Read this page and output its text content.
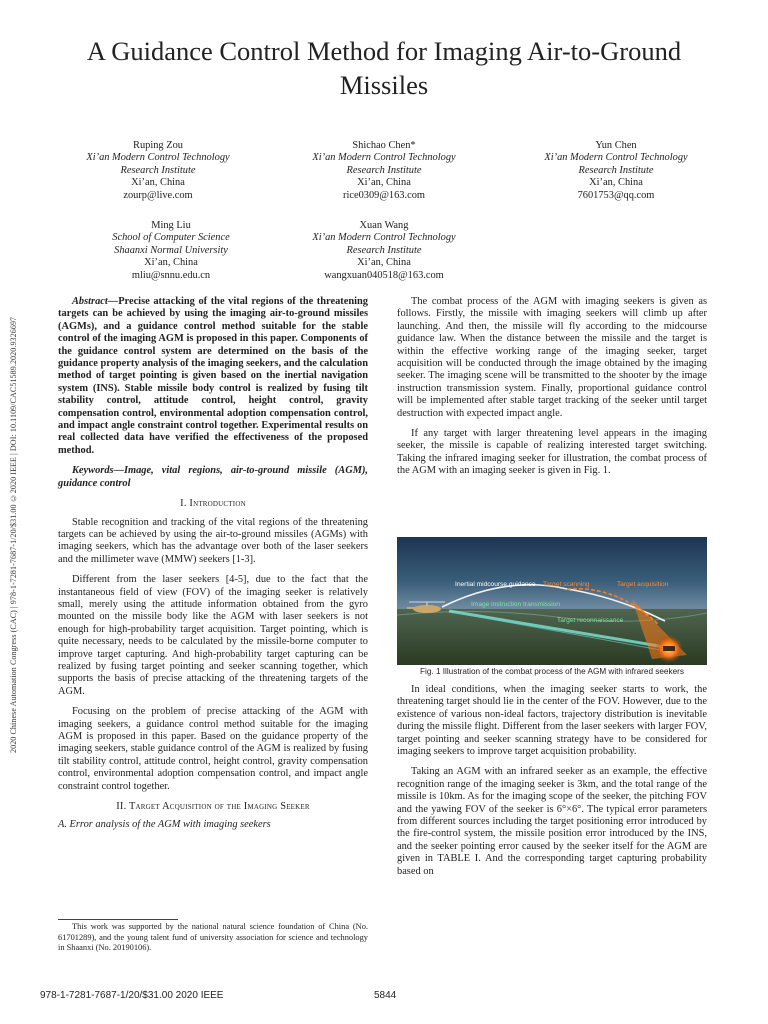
A Guidance Control Method for Imaging Air-to-Ground Missiles
2020 Chinese Automation Congress (CAC) | 978-1-7281-7687-1/20/$31.00 ©2020 IEEE | DOI: 10.1109/CAC51589.2020.9326697
Ruping Zou
Xi’an Modern Control Technology
Research Institute
Xi’an, China
zourp@live.com
Shichao Chen*
Xi’an Modern Control Technology
Research Institute
Xi’an, China
rice0309@163.com
Yun Chen
Xi’an Modern Control Technology
Research Institute
Xi’an, China
7601753@qq.com
Ming Liu
School of Computer Science
Shaanxi Normal University
Xi’an, China
mliu@snnu.edu.cn
Xuan Wang
Xi’an Modern Control Technology
Research Institute
Xi’an, China
wangxuan040518@163.com

Abstract—Precise attacking of the vital regions of the threatening targets can be achieved by using the imaging air-to-ground missiles (AGMs), and a guidance control method suitable for the stable control of the imaging AGM is proposed in this paper. Components of the guidance control system are determined on the basis of the guidance property analysis of the imaging seekers, and the calculation method of target pointing is given based on the inertial navigation system (INS). Stable missile body control is realized by fusing tilt stability control, attitude control, height control, gravity compensation control, environmental adoption compensation control, and impact angle constraint control together. Experimental results on real collected data have verified the effectiveness of the proposed method.

Keywords—Image, vital regions, air-to-ground missile (AGM), guidance control

I. Introduction

Stable recognition and tracking of the vital regions of the threatening targets can be achieved by using the air-to-ground missiles (AGMs) with imaging seekers, which has the advantage over both of the laser seekers and the millimeter wave (MMW) seekers [1-3].

Different from the laser seekers [4-5], due to the fact that the instantaneous field of view (FOV) of the imaging seeker is relatively small, merely using the attitude information obtained from the gyro mounted on the missile body like the AGM with laser seekers is not enough for high-probability target acquisition. Target pointing, which is quite necessary, needs to be calculated by the missile-borne computer to improve target capturing. And high-probability target capturing can be realized by fusing target pointing and seeker scanning together, which supports the basis of precise attacking of the threatening targets of the AGM.

Focusing on the problem of precise attacking of the AGM with imaging seekers, a guidance control method suitable for the imaging AGM is proposed in this paper. Based on the guidance property of the imaging seekers, stable guidance control of the AGM is realized by fusing tilt stability control, attitude control, height control, gravity compensation control, environmental adoption compensation control, and impact angle constraint control together.

II. Target Acquisition of the Imaging Seeker

A. Error analysis of the AGM with imaging seekers

This work was supported by the national natural science foundation of China (No. 61701289), and the young talent fund of university association for science and technology in Shaanxi (No. 20190106).

The combat process of the AGM with imaging seekers is given as follows. Firstly, the missile with imaging seekers will climb up after launching. And then, the missile will fly according to the midcourse guidance law. When the distance between the missile and the target is within the effective working range of the imaging seeker, target acquisition will be conducted through the image obtained by the imaging seeker. The imaging scene will be transmitted to the shooter by the image instruction transmission system. Finally, proportional guidance control will be implemented after stable target tracking of the seeker until target destruction with expected impact angle.

If any target with larger threatening level appears in the imaging seeker, the missile is capable of realizing interested target switching. Taking the infrared imaging seeker for illustration, the combat process of the AGM with an imaging seeker is given in Fig. 1.

Inertial midcourse guidance Target scanning	Target acquisition
Image instruction transmission
Target reconnaissance
Fig. 1 Illustration of the combat process of the AGM with infrared seekers

In ideal conditions, when the imaging seeker starts to work, the threatening target should lie in the center of the FOV. However, due to the existence of various non-ideal factors, trajectory distribution is inevitable during the missile flight. Different from the laser seekers with larger FOV, target pointing and seeker scanning strategy have to be considered for imaging seekers to improve target acquisition probability.

Taking an AGM with an infrared seeker as an example, the effective recognition range of the imaging seeker is 3km, and the total range of the missile is 10km. As for the imaging scope of the seeker, the pitching FOV and the yawing FOV of the seeker is 6°×6°. The typical error parameters from different sources including the target positioning error introduced by the fire-control system, the missile position error introduced by the INS, and the seeker pointing error caused by the seeker itself for the AGM are given in TABLE I. And the corresponding target capturing probability based on

978-1-7281-7687-1/20/$31.00 2020 IEEE	5844
